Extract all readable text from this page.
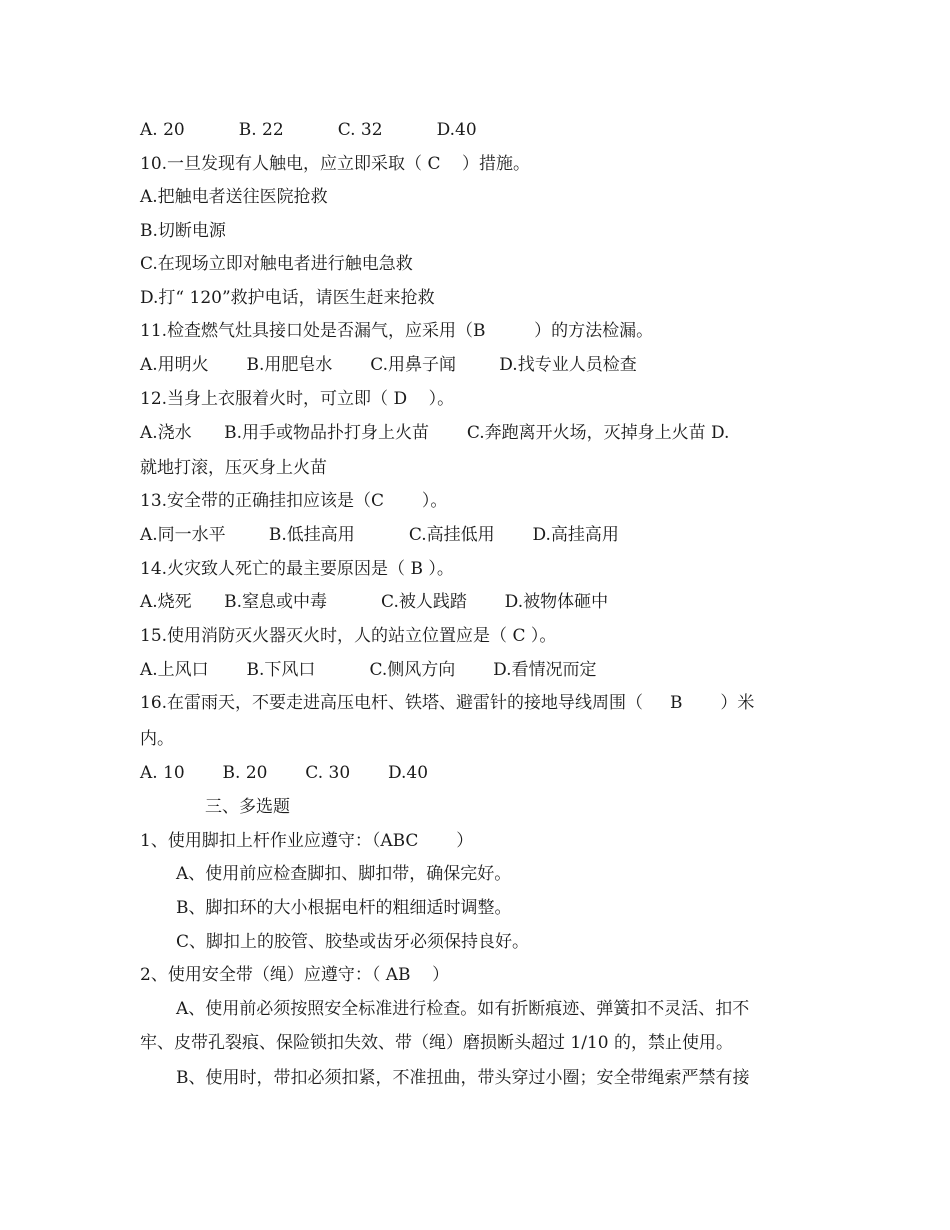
A. 20          B. 22          C. 32          D.40
10.一旦发现有人触电，应立即采取（ C    ）措施。
A.把触电者送往医院抢救
B.切断电源
C.在现场立即对触电者进行触电急救
D.打“ 120”救护电话，请医生赶来抢救
11.检查燃气灶具接口处是否漏气，应采用（B         ）的方法检漏。
A.用明火       B.用肥皂水       C.用鼻子闻        D.找专业人员检查
12.当身上衣服着火时，可立即（ D    ）。
A.浇水      B.用手或物品扑打身上火苗       C.奔跑离开火场，灭掉身上火苗 D.
就地打滚，压灭身上火苗
13.安全带的正确挂扣应该是（C       ）。
A.同一水平        B.低挂高用          C.高挂低用       D.高挂高用
14.火灾致人死亡的最主要原因是（ B ）。
A.烧死      B.窒息或中毒          C.被人践踏       D.被物体砸中
15.使用消防灭火器灭火时，人的站立位置应是（ C ）。
A.上风口       B.下风口          C.侧风方向       D.看情况而定
16.在雷雨天，不要走进高压电杆、铁塔、避雷针的接地导线周围（     B       ）米
内。
A. 10       B. 20       C. 30       D.40
三、多选题
1、使用脚扣上杆作业应遵守：（ABC       ）
A、使用前应检查脚扣、脚扣带，确保完好。
B、脚扣环的大小根据电杆的粗细适时调整。
C、脚扣上的胶管、胶垫或齿牙必须保持良好。
2、使用安全带（绳）应遵守：（ AB    ）
A、使用前必须按照安全标准进行检查。如有折断痕迹、弹簧扣不灵活、扣不
牢、皮带孔裂痕、保险锁扣失效、带（绳）磨损断头超过 1/10 的，禁止使用。
B、使用时，带扣必须扣紧，不准扭曲，带头穿过小圈；安全带绳索严禁有接
